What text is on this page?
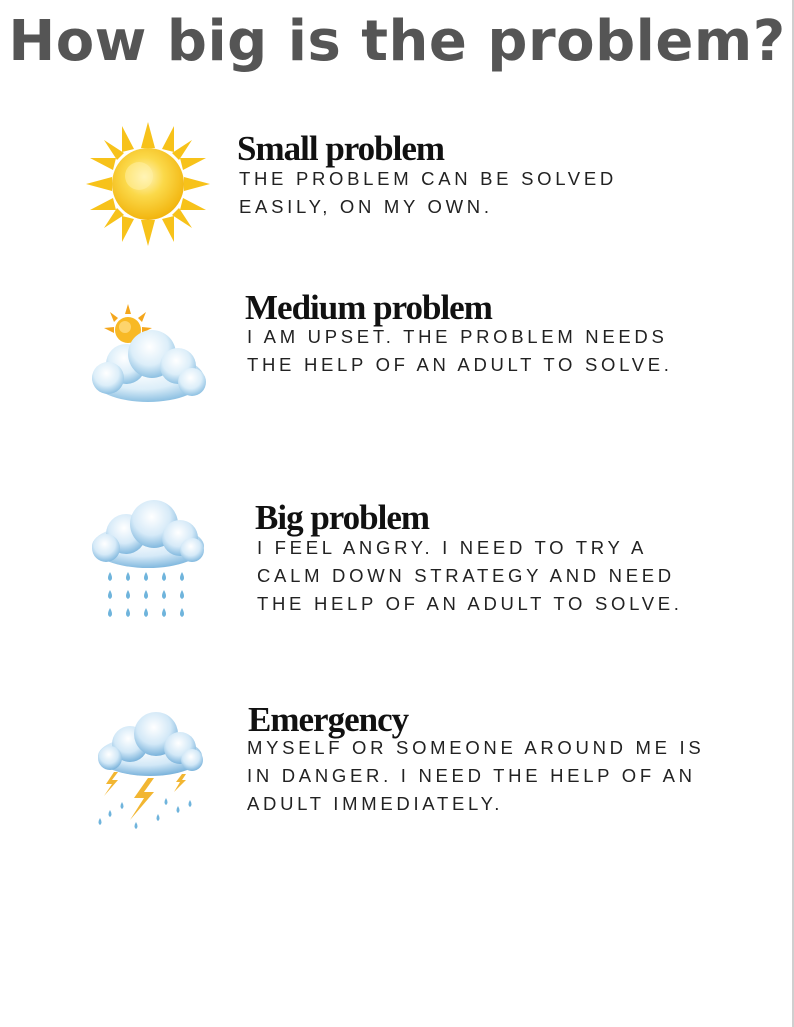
How big is the problem?
Small problem

THE PROBLEM CAN BE SOLVED
EASILY, ON MY OWN.

Medium problem

I AM UPSET. THE PROBLEM NEEDS
THE HELP OF AN ADULT TO SOLVE.

Big problem

I FEEL ANGRY. I NEED TO TRY A
CALM DOWN STRATEGY AND NEED
THE HELP OF AN ADULT TO SOLVE.

Emergency

MYSELF OR SOMEONE AROUND ME IS
IN DANGER. I NEED THE HELP OF AN
ADULT IMMEDIATELY.
